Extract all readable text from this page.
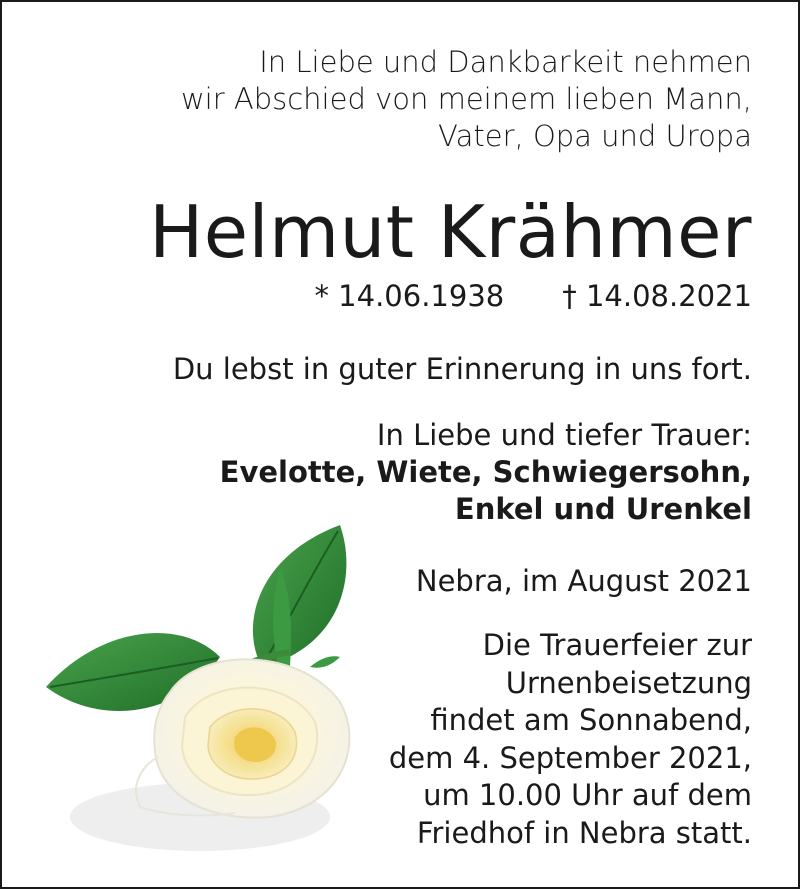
In Liebe und Dankbarkeit nehmen
wir Abschied von meinem lieben Mann,
Vater, Opa und Uropa
Helmut Krähmer
* 14.06.1938 † 14.08.2021
Du lebst in guter Erinnerung in uns fort.
In Liebe und tiefer Trauer:
Evelotte, Wiete, Schwiegersohn,
Enkel und Urenkel
Nebra, im August 2021
Die Trauerfeier zur
Urnenbeisetzung
findet am Sonnabend,
dem 4. September 2021,
um 10.00 Uhr auf dem
Friedhof in Nebra statt.
